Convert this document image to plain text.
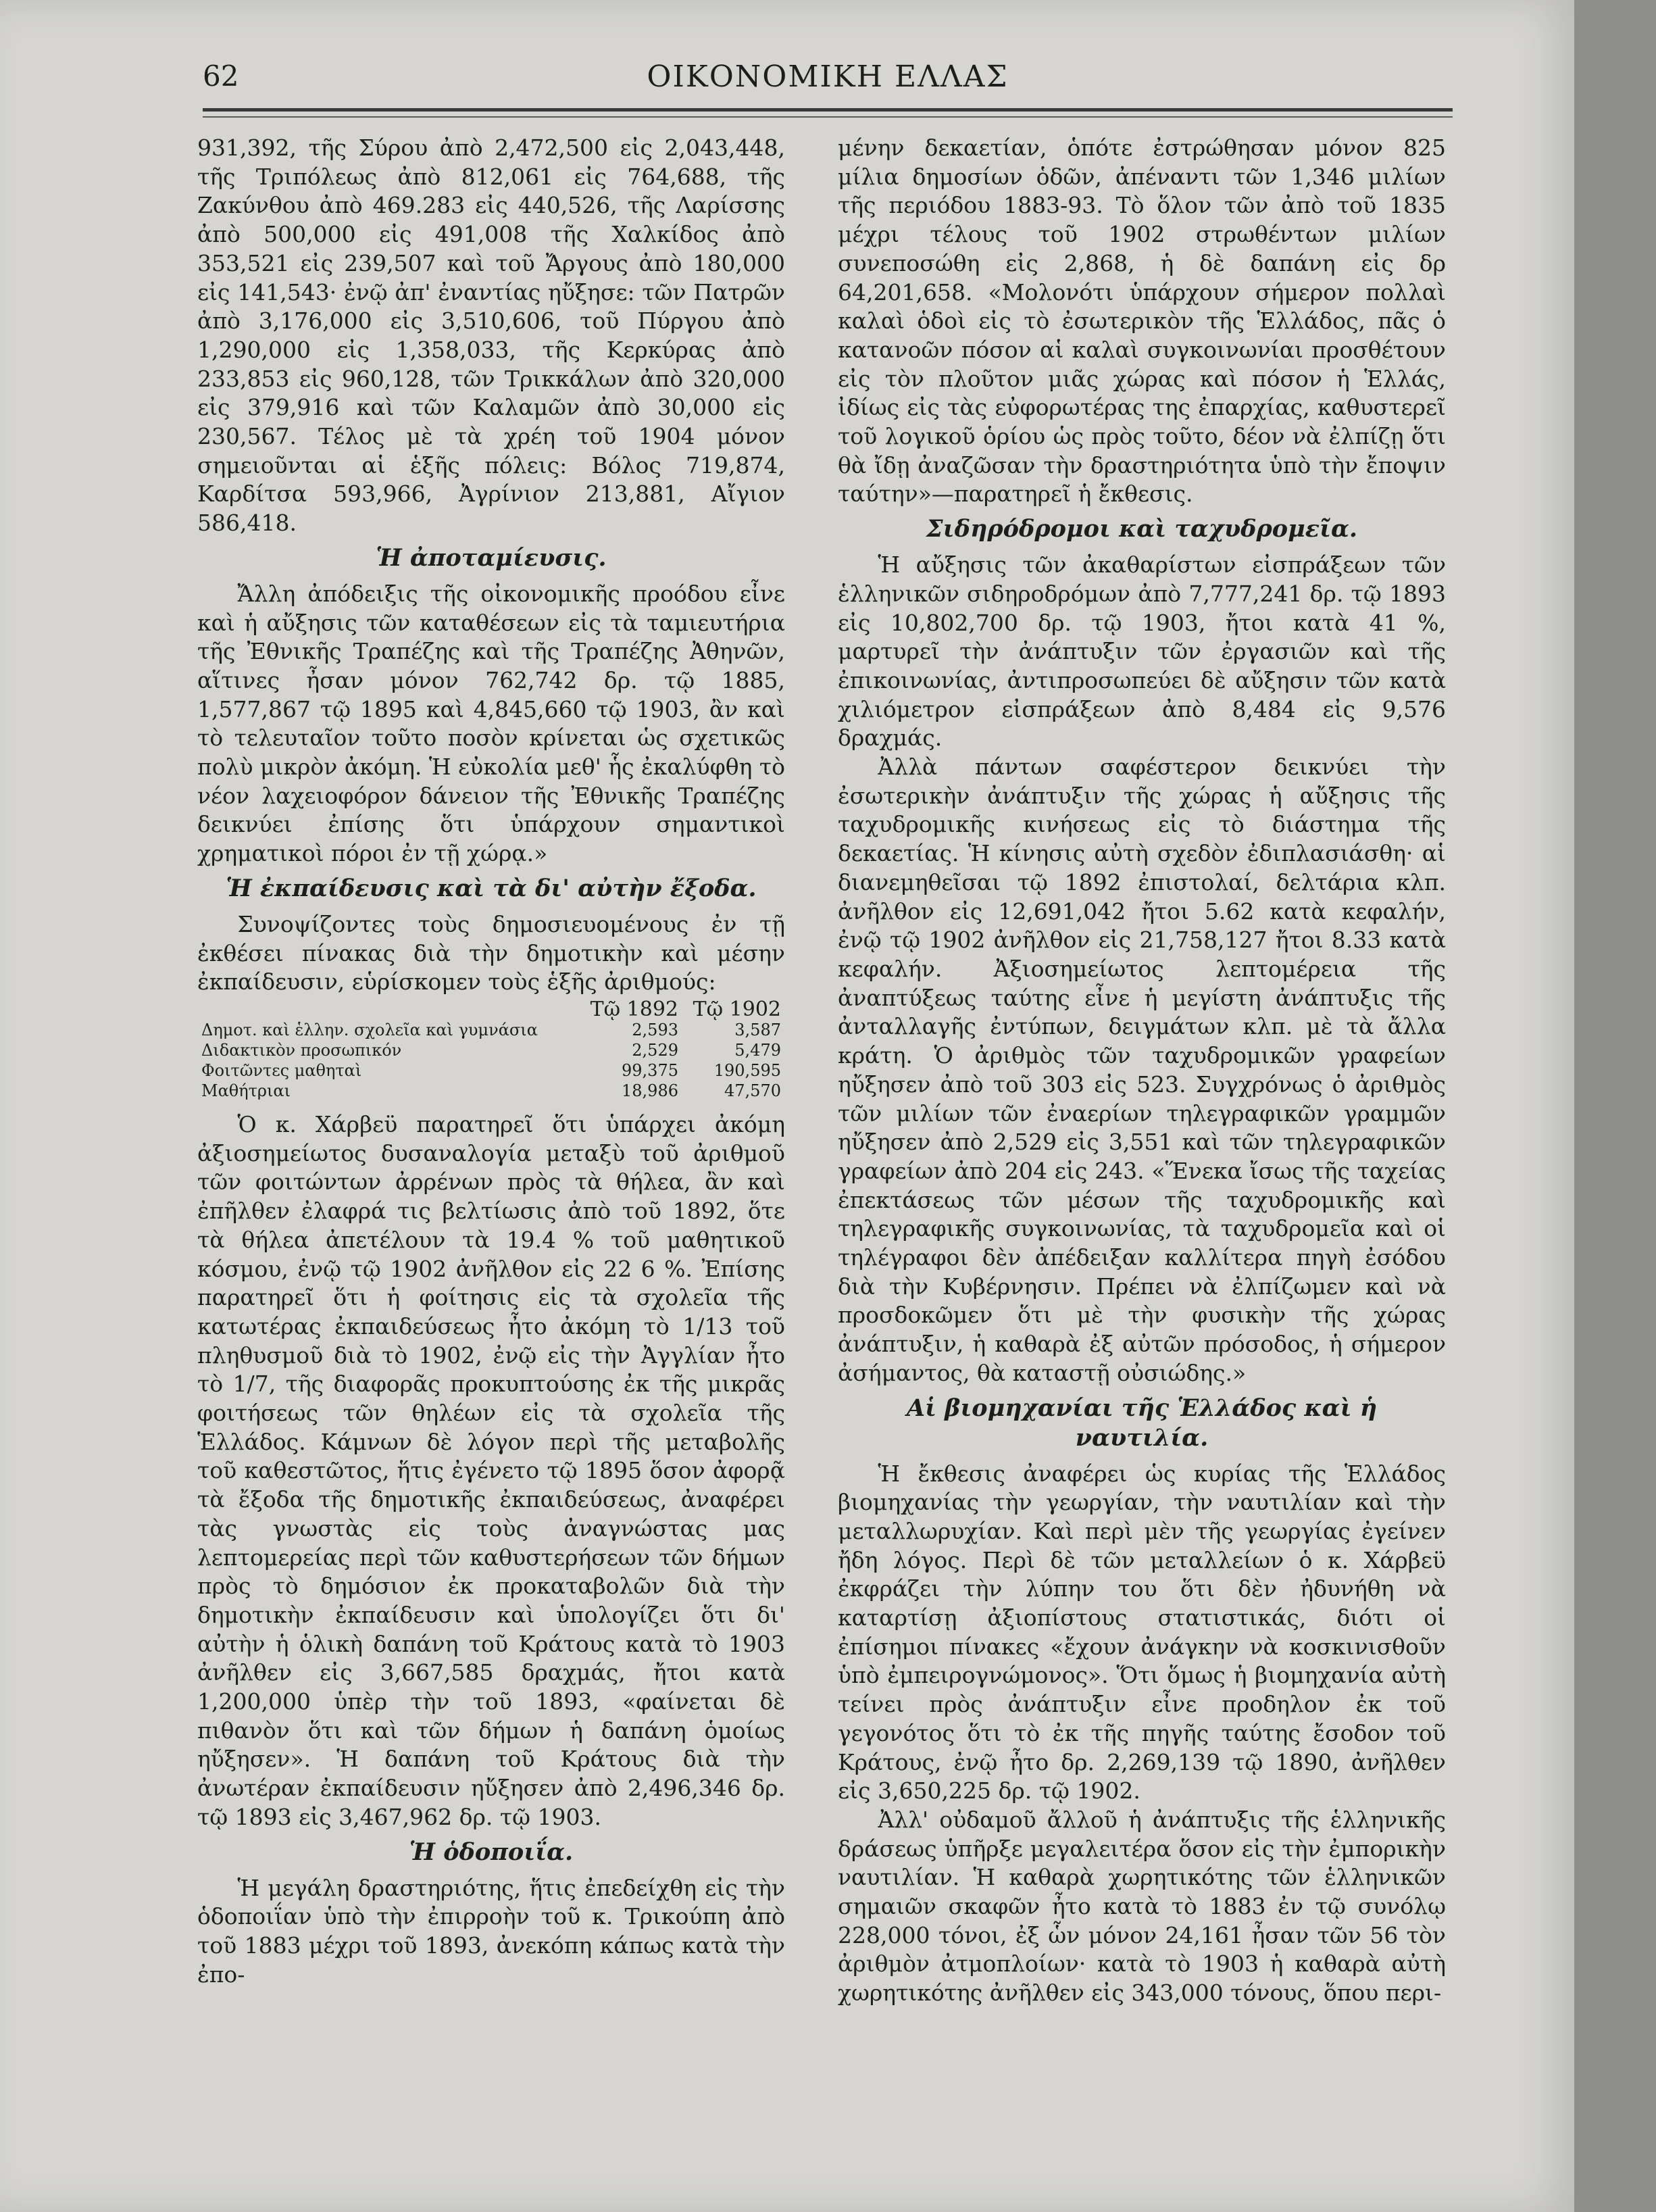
62	ΟΙΚΟΝΟΜΙΚΗ ΕΛΛΑΣ

931,392, τῆς Σύρου ἀπὸ 2,472,500 εἰς 2,043,448, τῆς Τριπόλεως ἀπὸ 812,061 εἰς 764,688, τῆς Ζακύνθου ἀπὸ 469.283 εἰς 440,526, τῆς Λαρίσσης ἀπὸ 500,000 εἰς 491,008 τῆς Χαλκίδος ἀπὸ 353,521 εἰς 239,507 καὶ τοῦ Ἄργους ἀπὸ 180,000 εἰς 141,543· ἐνῷ ἀπ' ἐναντίας ηὔξησε: τῶν Πατρῶν ἀπὸ 3,176,000 εἰς 3,510,606, τοῦ Πύργου ἀπὸ 1,290,000 εἰς 1,358,033, τῆς Κερκύρας ἀπὸ 233,853 εἰς 960,128, τῶν Τρικκάλων ἀπὸ 320,000 εἰς 379,916 καὶ τῶν Καλαμῶν ἀπὸ 30,000 εἰς 230,567. Τέλος μὲ τὰ χρέη τοῦ 1904 μόνον σημειοῦνται αἱ ἑξῆς πόλεις: Βόλος 719,874, Καρδίτσα 593,966, Ἀγρίνιον 213,881, Αἴγιον 586,418.

Ἡ ἀποταμίευσις.

Ἄλλη ἀπόδειξις τῆς οἰκονομικῆς προόδου εἶνε καὶ ἡ αὔξησις τῶν καταθέσεων εἰς τὰ ταμιευτήρια τῆς Ἐθνικῆς Τραπέζης καὶ τῆς Τραπέζης Ἀθηνῶν, αἵτινες ἦσαν μόνον 762,742 δρ. τῷ 1885, 1,577,867 τῷ 1895 καὶ 4,845,660 τῷ 1903, ἂν καὶ τὸ τελευταῖον τοῦτο ποσὸν κρίνεται ὡς σχετικῶς πολὺ μικρὸν ἀκόμη. Ἡ εὐκολία μεθ' ἧς ἐκαλύφθη τὸ νέον λαχειοφόρον δάνειον τῆς Ἐθνικῆς Τραπέζης δεικνύει ἐπίσης ὅτι ὑπάρχουν σημαντικοὶ χρηματικοὶ πόροι ἐν τῇ χώρᾳ.»

Ἡ ἐκπαίδευσις καὶ τὰ δι' αὐτὴν ἔξοδα.

Συνοψίζοντες τοὺς δημοσιευομένους ἐν τῇ ἐκθέσει πίνακας διὰ τὴν δημοτικὴν καὶ μέσην ἐκπαίδευσιν, εὑρίσκομεν τοὺς ἑξῆς ἀριθμούς:

	Τῷ 1892	Τῷ 1902
Δημοτ. καὶ ἑλλην. σχολεῖα καὶ γυμνάσια	2,593	3,587
Διδακτικὸν προσωπικόν	2,529	5,479
Φοιτῶντες μαθηταὶ	99,375	190,595
Μαθήτριαι	18,986	47,570

Ὁ κ. Χάρβεϋ παρατηρεῖ ὅτι ὑπάρχει ἀκόμη ἀξιοσημείωτος δυσαναλογία μεταξὺ τοῦ ἀριθμοῦ τῶν φοιτώντων ἀρρένων πρὸς τὰ θήλεα, ἂν καὶ ἐπῆλθεν ἐλαφρά τις βελτίωσις ἀπὸ τοῦ 1892, ὅτε τὰ θήλεα ἀπετέλουν τὰ 19.4 % τοῦ μαθητικοῦ κόσμου, ἐνῷ τῷ 1902 ἀνῆλθον εἰς 22 6 %. Ἐπίσης παρατηρεῖ ὅτι ἡ φοίτησις εἰς τὰ σχολεῖα τῆς κατωτέρας ἐκπαιδεύσεως ἦτο ἀκόμη τὸ 1/13 τοῦ πληθυσμοῦ διὰ τὸ 1902, ἐνῷ εἰς τὴν Ἀγγλίαν ἦτο τὸ 1/7, τῆς διαφορᾶς προκυπτούσης ἐκ τῆς μικρᾶς φοιτήσεως τῶν θηλέων εἰς τὰ σχολεῖα τῆς Ἑλλάδος. Κάμνων δὲ λόγον περὶ τῆς μεταβολῆς τοῦ καθεστῶτος, ἥτις ἐγένετο τῷ 1895 ὅσον ἀφορᾷ τὰ ἔξοδα τῆς δημοτικῆς ἐκπαιδεύσεως, ἀναφέρει τὰς γνωστὰς εἰς τοὺς ἀναγνώστας μας λεπτομερείας περὶ τῶν καθυστερήσεων τῶν δήμων πρὸς τὸ δημόσιον ἐκ προκαταβολῶν διὰ τὴν δημοτικὴν ἐκπαίδευσιν καὶ ὑπολογίζει ὅτι δι' αὐτὴν ἡ ὁλικὴ δαπάνη τοῦ Κράτους κατὰ τὸ 1903 ἀνῆλθεν εἰς 3,667,585 δραχμάς, ἤτοι κατὰ 1,200,000 ὑπὲρ τὴν τοῦ 1893, «φαίνεται δὲ πιθανὸν ὅτι καὶ τῶν δήμων ἡ δαπάνη ὁμοίως ηὔξησεν». Ἡ δαπάνη τοῦ Κράτους διὰ τὴν ἀνωτέραν ἐκπαίδευσιν ηὔξησεν ἀπὸ 2,496,346 δρ. τῷ 1893 εἰς 3,467,962 δρ. τῷ 1903.

Ἡ ὁδοποιΐα.

Ἡ μεγάλη δραστηριότης, ἥτις ἐπεδείχθη εἰς τὴν ὁδοποιΐαν ὑπὸ τὴν ἐπιρροὴν τοῦ κ. Τρικούπη ἀπὸ τοῦ 1883 μέχρι τοῦ 1893, ἀνεκόπη κάπως κατὰ τὴν ἐπο-

μένην δεκαετίαν, ὁπότε ἐστρώθησαν μόνον 825 μίλια δημοσίων ὁδῶν, ἀπέναντι τῶν 1,346 μιλίων τῆς περιόδου 1883-93. Τὸ ὅλον τῶν ἀπὸ τοῦ 1835 μέχρι τέλους τοῦ 1902 στρωθέντων μιλίων συνεποσώθη εἰς 2,868, ἡ δὲ δαπάνη εἰς δρ 64,201,658. «Μολονότι ὑπάρχουν σήμερον πολλαὶ καλαὶ ὁδοὶ εἰς τὸ ἐσωτερικὸν τῆς Ἑλλάδος, πᾶς ὁ κατανοῶν πόσον αἱ καλαὶ συγκοινωνίαι προσθέτουν εἰς τὸν πλοῦτον μιᾶς χώρας καὶ πόσον ἡ Ἑλλάς, ἰδίως εἰς τὰς εὐφορωτέρας της ἐπαρχίας, καθυστερεῖ τοῦ λογικοῦ ὁρίου ὡς πρὸς τοῦτο, δέον νὰ ἐλπίζῃ ὅτι θὰ ἴδῃ ἀναζῶσαν τὴν δραστηριότητα ὑπὸ τὴν ἔποψιν ταύτην»—παρατηρεῖ ἡ ἔκθεσις.

Σιδηρόδρομοι καὶ ταχυδρομεῖα.

Ἡ αὔξησις τῶν ἀκαθαρίστων εἰσπράξεων τῶν ἑλληνικῶν σιδηροδρόμων ἀπὸ 7,777,241 δρ. τῷ 1893 εἰς 10,802,700 δρ. τῷ 1903, ἤτοι κατὰ 41 %, μαρτυρεῖ τὴν ἀνάπτυξιν τῶν ἐργασιῶν καὶ τῆς ἐπικοινωνίας, ἀντιπροσωπεύει δὲ αὔξησιν τῶν κατὰ χιλιόμετρον εἰσπράξεων ἀπὸ 8,484 εἰς 9,576 δραχμάς.

Ἀλλὰ πάντων σαφέστερον δεικνύει τὴν ἐσωτερικὴν ἀνάπτυξιν τῆς χώρας ἡ αὔξησις τῆς ταχυδρομικῆς κινήσεως εἰς τὸ διάστημα τῆς δεκαετίας. Ἡ κίνησις αὐτὴ σχεδὸν ἐδιπλασιάσθη· αἱ διανεμηθεῖσαι τῷ 1892 ἐπιστολαί, δελτάρια κλπ. ἀνῆλθον εἰς 12,691,042 ἤτοι 5.62 κατὰ κεφαλήν, ἐνῷ τῷ 1902 ἀνῆλθον εἰς 21,758,127 ἤτοι 8.33 κατὰ κεφαλήν. Ἀξιοσημείωτος λεπτομέρεια τῆς ἀναπτύξεως ταύτης εἶνε ἡ μεγίστη ἀνάπτυξις τῆς ἀνταλλαγῆς ἐντύπων, δειγμάτων κλπ. μὲ τὰ ἄλλα κράτη. Ὁ ἀριθμὸς τῶν ταχυδρομικῶν γραφείων ηὔξησεν ἀπὸ τοῦ 303 εἰς 523. Συγχρόνως ὁ ἀριθμὸς τῶν μιλίων τῶν ἐναερίων τηλεγραφικῶν γραμμῶν ηὔξησεν ἀπὸ 2,529 εἰς 3,551 καὶ τῶν τηλεγραφικῶν γραφείων ἀπὸ 204 εἰς 243. «Ἕνεκα ἴσως τῆς ταχείας ἐπεκτάσεως τῶν μέσων τῆς ταχυδρομικῆς καὶ τηλεγραφικῆς συγκοινωνίας, τὰ ταχυδρομεῖα καὶ οἱ τηλέγραφοι δὲν ἀπέδειξαν καλλίτερα πηγὴ ἐσόδου διὰ τὴν Κυβέρνησιν. Πρέπει νὰ ἐλπίζωμεν καὶ νὰ προσδοκῶμεν ὅτι μὲ τὴν φυσικὴν τῆς χώρας ἀνάπτυξιν, ἡ καθαρὰ ἐξ αὐτῶν πρόσοδος, ἡ σήμερον ἀσήμαντος, θὰ καταστῇ οὐσιώδης.»

Αἱ βιομηχανίαι τῆς Ἑλλάδος καὶ ἡ ναυτιλία.

Ἡ ἔκθεσις ἀναφέρει ὡς κυρίας τῆς Ἑλλάδος βιομηχανίας τὴν γεωργίαν, τὴν ναυτιλίαν καὶ τὴν μεταλλωρυχίαν. Καὶ περὶ μὲν τῆς γεωργίας ἐγείνεν ἤδη λόγος. Περὶ δὲ τῶν μεταλλείων ὁ κ. Χάρβεϋ ἐκφράζει τὴν λύπην του ὅτι δὲν ἠδυνήθη νὰ καταρτίσῃ ἀξιοπίστους στατιστικάς, διότι οἱ ἐπίσημοι πίνακες «ἔχουν ἀνάγκην νὰ κοσκινισθοῦν ὑπὸ ἐμπειρογνώμονος». Ὅτι ὅμως ἡ βιομηχανία αὐτὴ τείνει πρὸς ἀνάπτυξιν εἶνε προδηλον ἐκ τοῦ γεγονότος ὅτι τὸ ἐκ τῆς πηγῆς ταύτης ἔσοδον τοῦ Κράτους, ἐνῷ ἦτο δρ. 2,269,139 τῷ 1890, ἀνῆλθεν εἰς 3,650,225 δρ. τῷ 1902.

Ἀλλ' οὐδαμοῦ ἄλλοῦ ἡ ἀνάπτυξις τῆς ἑλληνικῆς δράσεως ὑπῆρξε μεγαλειτέρα ὅσον εἰς τὴν ἐμπορικὴν ναυτιλίαν. Ἡ καθαρὰ χωρητικότης τῶν ἑλληνικῶν σημαιῶν σκαφῶν ἦτο κατὰ τὸ 1883 ἐν τῷ συνόλῳ 228,000 τόνοι, ἐξ ὧν μόνον 24,161 ἦσαν τῶν 56 τὸν ἀριθμὸν ἀτμοπλοίων· κατὰ τὸ 1903 ἡ καθαρὰ αὐτὴ χωρητικότης ἀνῆλθεν εἰς 343,000 τόνους, ὅπου περι-
